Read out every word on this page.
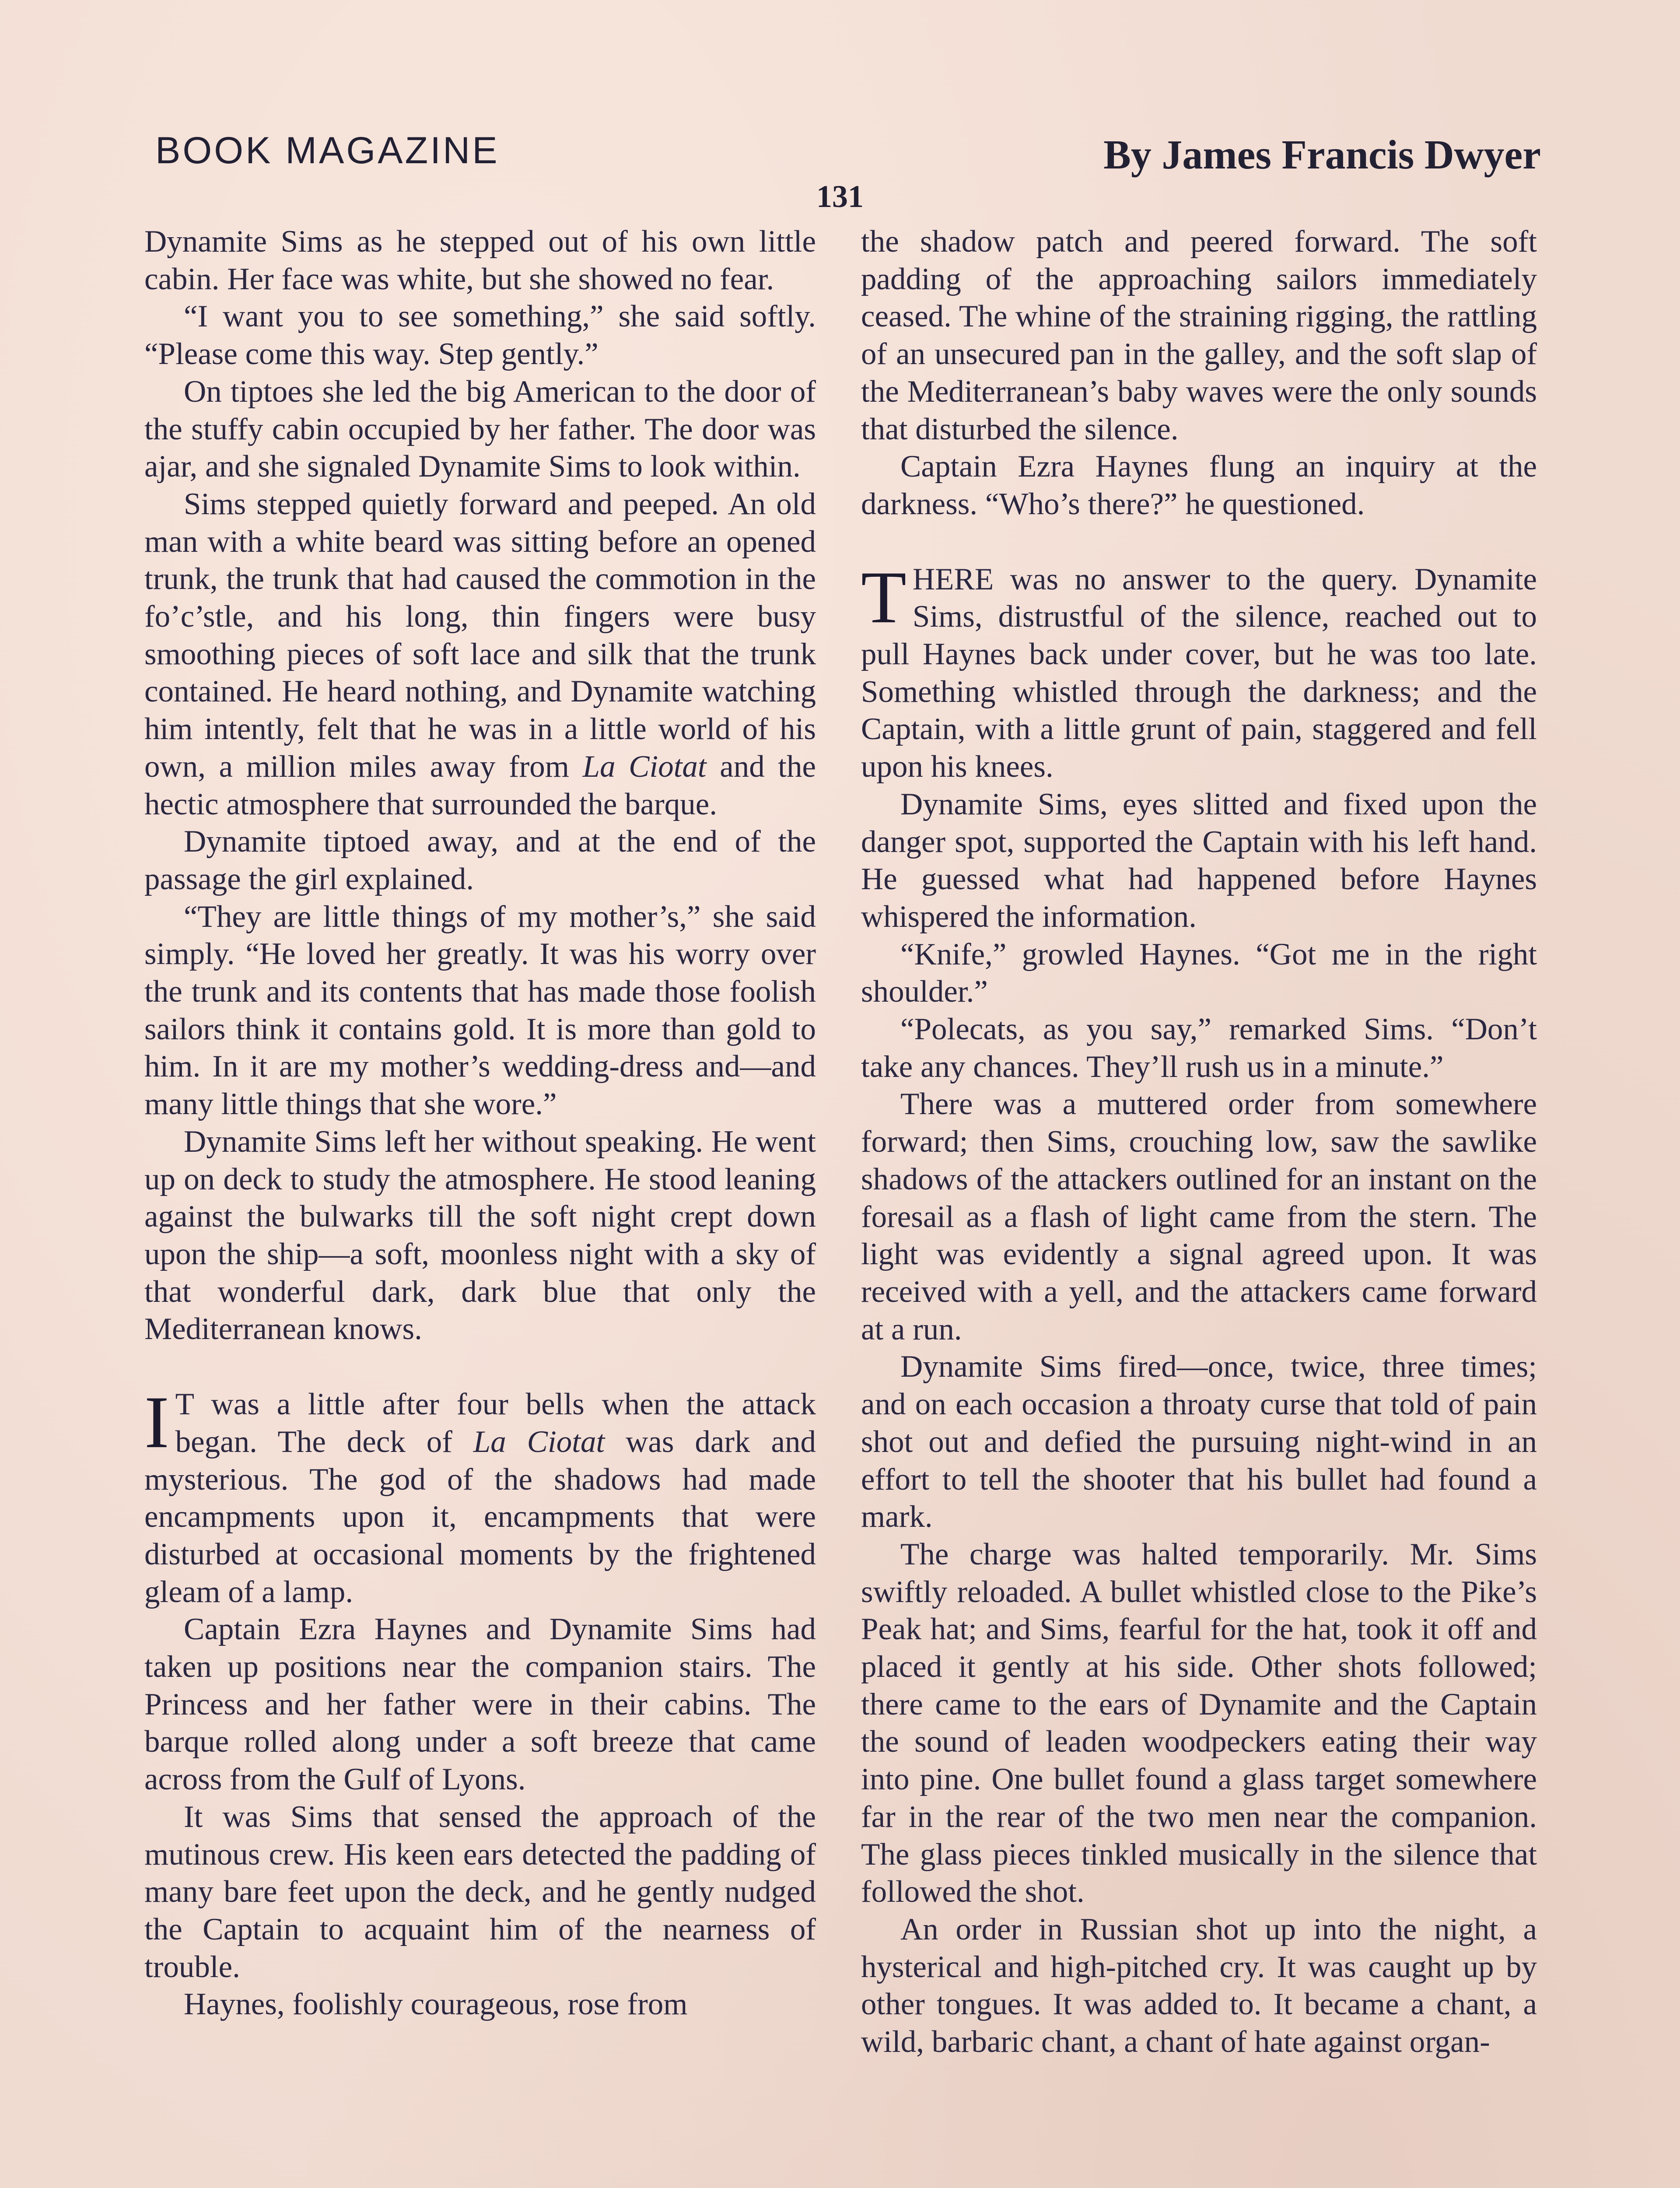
BOOK MAGAZINE	By James Francis Dwyer
131

Dynamite Sims as he stepped out of his own little cabin. Her face was white, but she showed no fear.

“I want you to see something,” she said softly. “Please come this way. Step gently.”

On tiptoes she led the big American to the door of the stuffy cabin occupied by her father. The door was ajar, and she signaled Dynamite Sims to look within.

Sims stepped quietly forward and peeped. An old man with a white beard was sitting before an opened trunk, the trunk that had caused the commotion in the fo’c’stle, and his long, thin fingers were busy smoothing pieces of soft lace and silk that the trunk contained. He heard nothing, and Dynamite watching him intently, felt that he was in a little world of his own, a million miles away from La Ciotat and the hectic atmosphere that surrounded the barque.

Dynamite tiptoed away, and at the end of the passage the girl explained.

“They are little things of my mother’s,” she said simply. “He loved her greatly. It was his worry over the trunk and its contents that has made those foolish sailors think it contains gold. It is more than gold to him. In it are my mother’s wedding-dress and—and many little things that she wore.”

Dynamite Sims left her without speaking. He went up on deck to study the atmosphere. He stood leaning against the bulwarks till the soft night crept down upon the ship—a soft, moonless night with a sky of that wonderful dark, dark blue that only the Mediterranean knows.

I T was a little after four bells when the attack began. The deck of La Ciotat was dark and mysterious. The god of the shadows had made encampments upon it, encampments that were disturbed at occasional moments by the frightened gleam of a lamp.

Captain Ezra Haynes and Dynamite Sims had taken up positions near the companion stairs. The Princess and her father were in their cabins. The barque rolled along under a soft breeze that came across from the Gulf of Lyons.

It was Sims that sensed the approach of the mutinous crew. His keen ears detected the padding of many bare feet upon the deck, and he gently nudged the Captain to acquaint him of the nearness of trouble.

Haynes, foolishly courageous, rose from

the shadow patch and peered forward. The soft padding of the approaching sailors immediately ceased. The whine of the straining rigging, the rattling of an unsecured pan in the galley, and the soft slap of the Mediterranean’s baby waves were the only sounds that disturbed the silence.

Captain Ezra Haynes flung an inquiry at the darkness. “Who’s there?” he questioned.

THERE was no answer to the query. Dynamite Sims, distrustful of the silence, reached out to pull Haynes back under cover, but he was too late. Something whistled through the darkness; and the Captain, with a little grunt of pain, staggered and fell upon his knees.

Dynamite Sims, eyes slitted and fixed upon the danger spot, supported the Captain with his left hand. He guessed what had happened before Haynes whispered the information.

“Knife,” growled Haynes. “Got me in the right shoulder.”

“Polecats, as you say,” remarked Sims. “Don’t take any chances. They’ll rush us in a minute.”

There was a muttered order from somewhere forward; then Sims, crouching low, saw the sawlike shadows of the attackers outlined for an instant on the foresail as a flash of light came from the stern. The light was evidently a signal agreed upon. It was received with a yell, and the attackers came forward at a run.

Dynamite Sims fired—once, twice, three times; and on each occasion a throaty curse that told of pain shot out and defied the pursuing night-wind in an effort to tell the shooter that his bullet had found a mark.

The charge was halted temporarily. Mr. Sims swiftly reloaded. A bullet whistled close to the Pike’s Peak hat; and Sims, fearful for the hat, took it off and placed it gently at his side. Other shots followed; there came to the ears of Dynamite and the Captain the sound of leaden woodpeckers eating their way into pine. One bullet found a glass target somewhere far in the rear of the two men near the companion. The glass pieces tinkled musically in the silence that followed the shot.

An order in Russian shot up into the night, a hysterical and high-pitched cry. It was caught up by other tongues. It was added to. It became a chant, a wild, barbaric chant, a chant of hate against organ-
